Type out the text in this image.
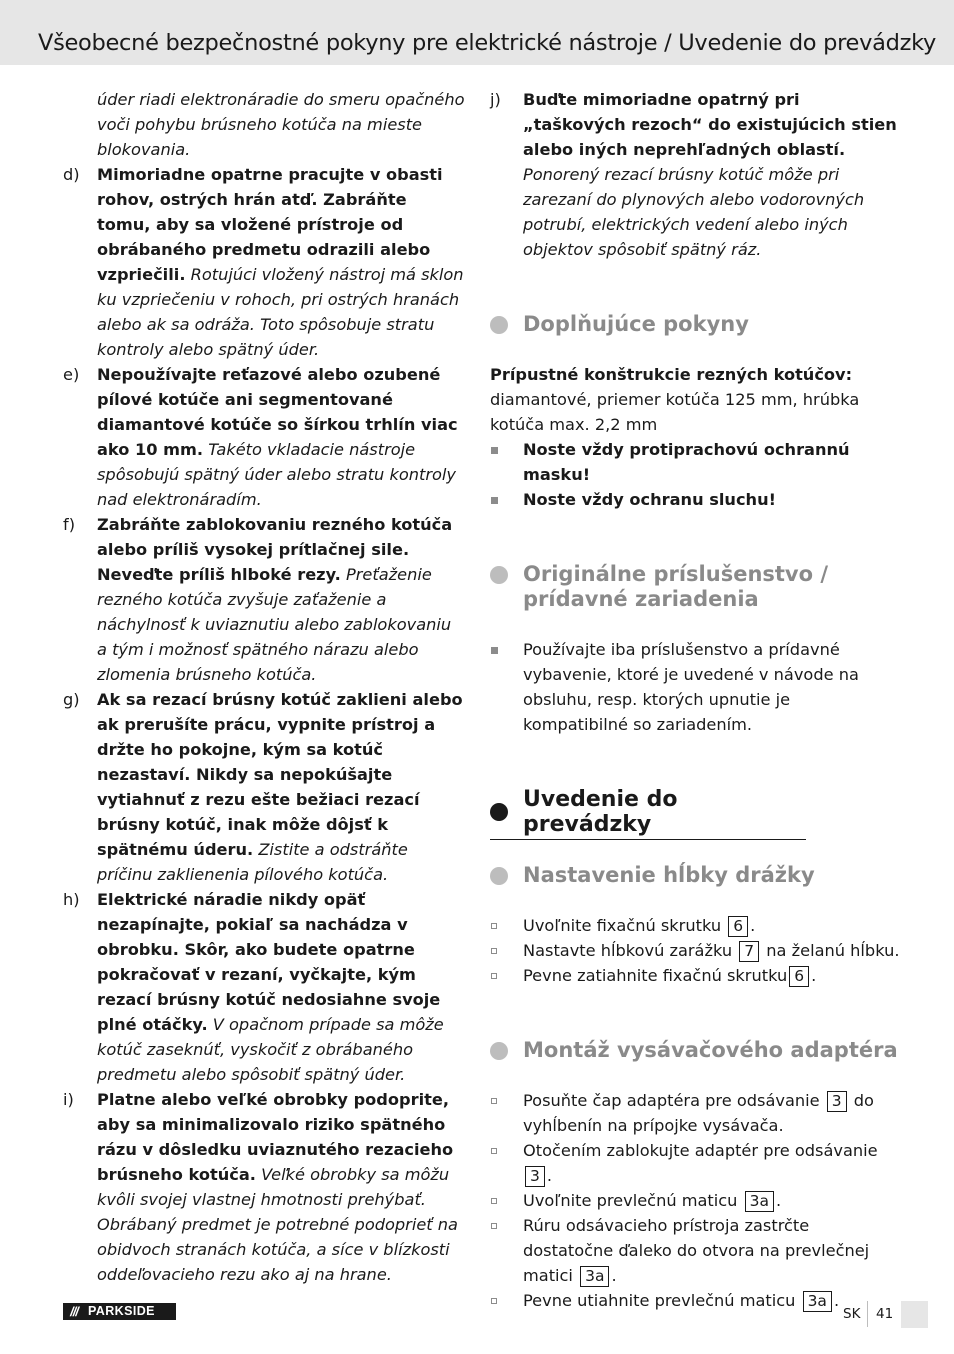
Všeobecné bezpečnostné pokyny pre elektrické nástroje / Uvedenie do prevádzky
úder riadi elektronáradie do smeru opačného voči pohybu brúsneho kotúča na mieste blokovania.
d)	Mimoriadne opatrne pracujte v obasti rohov, ostrých hrán atď. Zabráňte tomu, aby sa vložené prístroje od obrábaného predmetu odrazili alebo vzpriečili. Rotujúci vložený nástroj má sklon ku vzpriečeniu v rohoch, pri ostrých hranách alebo ak sa odráža. Toto spôsobuje stratu kontroly alebo spätný úder.
e)	Nepoužívajte reťazové alebo ozubené pílové kotúče ani segmentované diamantové kotúče so šírkou trhlín viac ako 10 mm. Takéto vkladacie nástroje spôsobujú spätný úder alebo stratu kontroly nad elektronáradím.
f)	Zabráňte zablokovaniu rezného kotúča alebo príliš vysokej prítlačnej sile. Neveďte príliš hlboké rezy. Preťaženie rezného kotúča zvyšuje zaťaženie a náchylnosť k uviaznutiu alebo zablokovaniu a tým i možnosť spätného nárazu alebo zlomenia brúsneho kotúča.
g)	Ak sa rezací brúsny kotúč zaklieni alebo ak prerušíte prácu, vypnite prístroj a držte ho pokojne, kým sa kotúč nezastaví. Nikdy sa nepokúšajte vytiahnuť z rezu ešte bežiaci rezací brúsny kotúč, inak môže dôjsť k spätnému úderu. Zistite a odstráňte príčinu zaklienenia pílového kotúča.
h)	Elektrické náradie nikdy opäť nezapínajte, pokiaľ sa nachádza v obrobku. Skôr, ako budete opatrne pokračovať v rezaní, vyčkajte, kým rezací brúsny kotúč nedosiahne svoje plné otáčky. V opačnom prípade sa môže kotúč zaseknúť, vyskočiť z obrábaného predmetu alebo spôsobiť spätný úder.
i)	Platne alebo veľké obrobky podoprite, aby sa minimalizovalo riziko spätného rázu v dôsledku uviaznutého rezacieho brúsneho kotúča. Veľké obrobky sa môžu kvôli svojej vlastnej hmotnosti prehýbať. Obrábaný predmet je potrebné podoprieť na obidvoch stranách kotúča, a síce v blízkosti oddeľovacieho rezu ako aj na hrane.
j)	Buďte mimoriadne opatrný pri „taškových rezoch“ do existujúcich stien alebo iných neprehľadných oblastí.
Ponorený rezací brúsny kotúč môže pri zarezaní do plynových alebo vodorovných potrubí, elektrických vedení alebo iných objektov spôsobiť spätný ráz.
Doplňujúce pokyny
Prípustné konštrukcie rezných kotúčov:
diamantové, priemer kotúča 125 mm, hrúbka kotúča max. 2,2 mm
Noste vždy protiprachovú ochrannú masku!
Noste vždy ochranu sluchu!
Originálne príslušenstvo / prídavné zariadenia
Používajte iba príslušenstvo a prídavné vybavenie, ktoré je uvedené v návode na obsluhu, resp. ktorých upnutie je kompatibilné so zariadením.
Uvedenie do prevádzky
Nastavenie hĺbky drážky
Uvoľnite fixačnú skrutku 6 .
Nastavte hĺbkovú zarážku 7 na želanú hĺbku.
Pevne zatiahnite fixačnú skrutku 6 .
Montáž vysávačového adaptéra
Posuňte čap adaptéra pre odsávanie 3 do vyhĺbenín na prípojke vysávača.
Otočením zablokujte adaptér pre odsávanie 3 .
Uvoľnite prevlečnú maticu 3a .
Rúru odsávacieho prístroja zastrčte dostatočne ďaleko do otvora na prevlečnej matici 3a .
Pevne utiahnite prevlečnú maticu 3a .
/// PARKSIDE	SK 41
